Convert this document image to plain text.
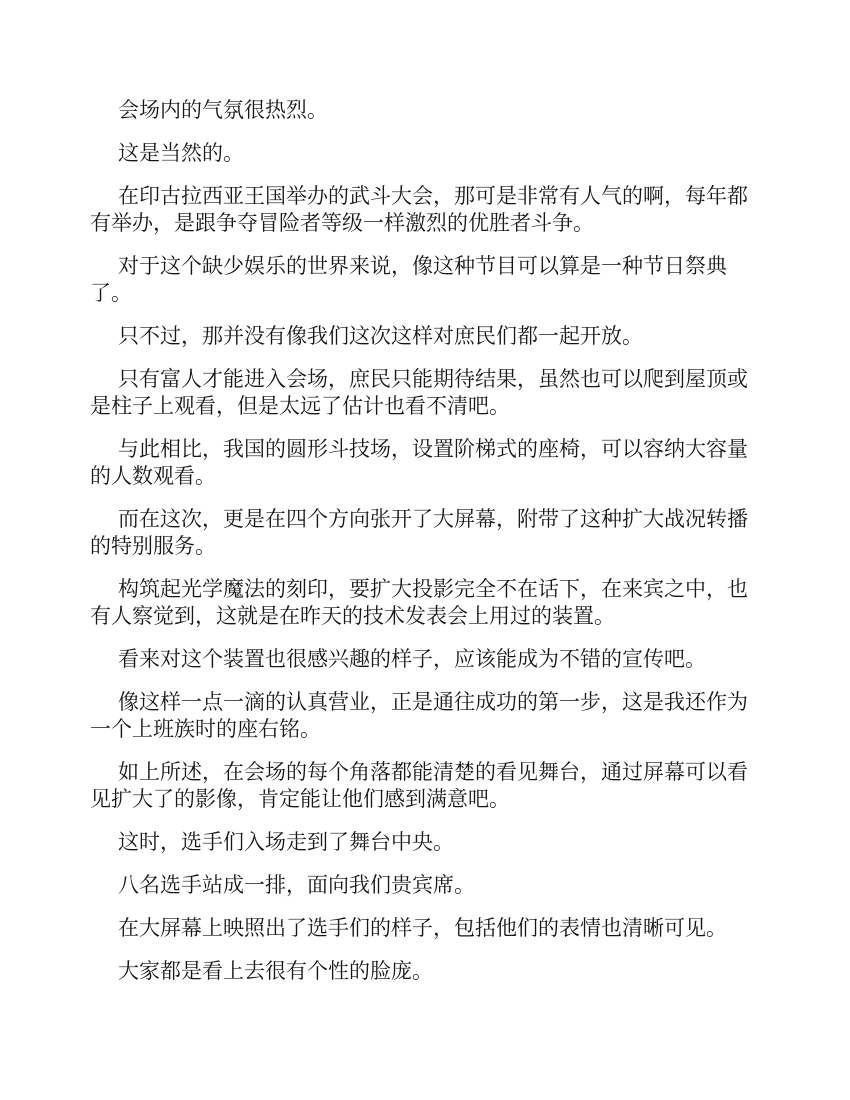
会场内的气氛很热烈。

这是当然的。

在印古拉西亚王国举办的武斗大会，那可是非常有人气的啊，每年都有举办，是跟争夺冒险者等级一样激烈的优胜者斗争。

对于这个缺少娱乐的世界来说，像这种节目可以算是一种节日祭典了。

只不过，那并没有像我们这次这样对庶民们都一起开放。

只有富人才能进入会场，庶民只能期待结果，虽然也可以爬到屋顶或是柱子上观看，但是太远了估计也看不清吧。

与此相比，我国的圆形斗技场，设置阶梯式的座椅，可以容纳大容量的人数观看。

而在这次，更是在四个方向张开了大屏幕，附带了这种扩大战况转播的特别服务。

构筑起光学魔法的刻印，要扩大投影完全不在话下，在来宾之中，也有人察觉到，这就是在昨天的技术发表会上用过的装置。

看来对这个装置也很感兴趣的样子，应该能成为不错的宣传吧。

像这样一点一滴的认真营业，正是通往成功的第一步，这是我还作为一个上班族时的座右铭。

如上所述，在会场的每个角落都能清楚的看见舞台，通过屏幕可以看见扩大了的影像，肯定能让他们感到满意吧。

这时，选手们入场走到了舞台中央。

八名选手站成一排，面向我们贵宾席。

在大屏幕上映照出了选手们的样子，包括他们的表情也清晰可见。

大家都是看上去很有个性的脸庞。
